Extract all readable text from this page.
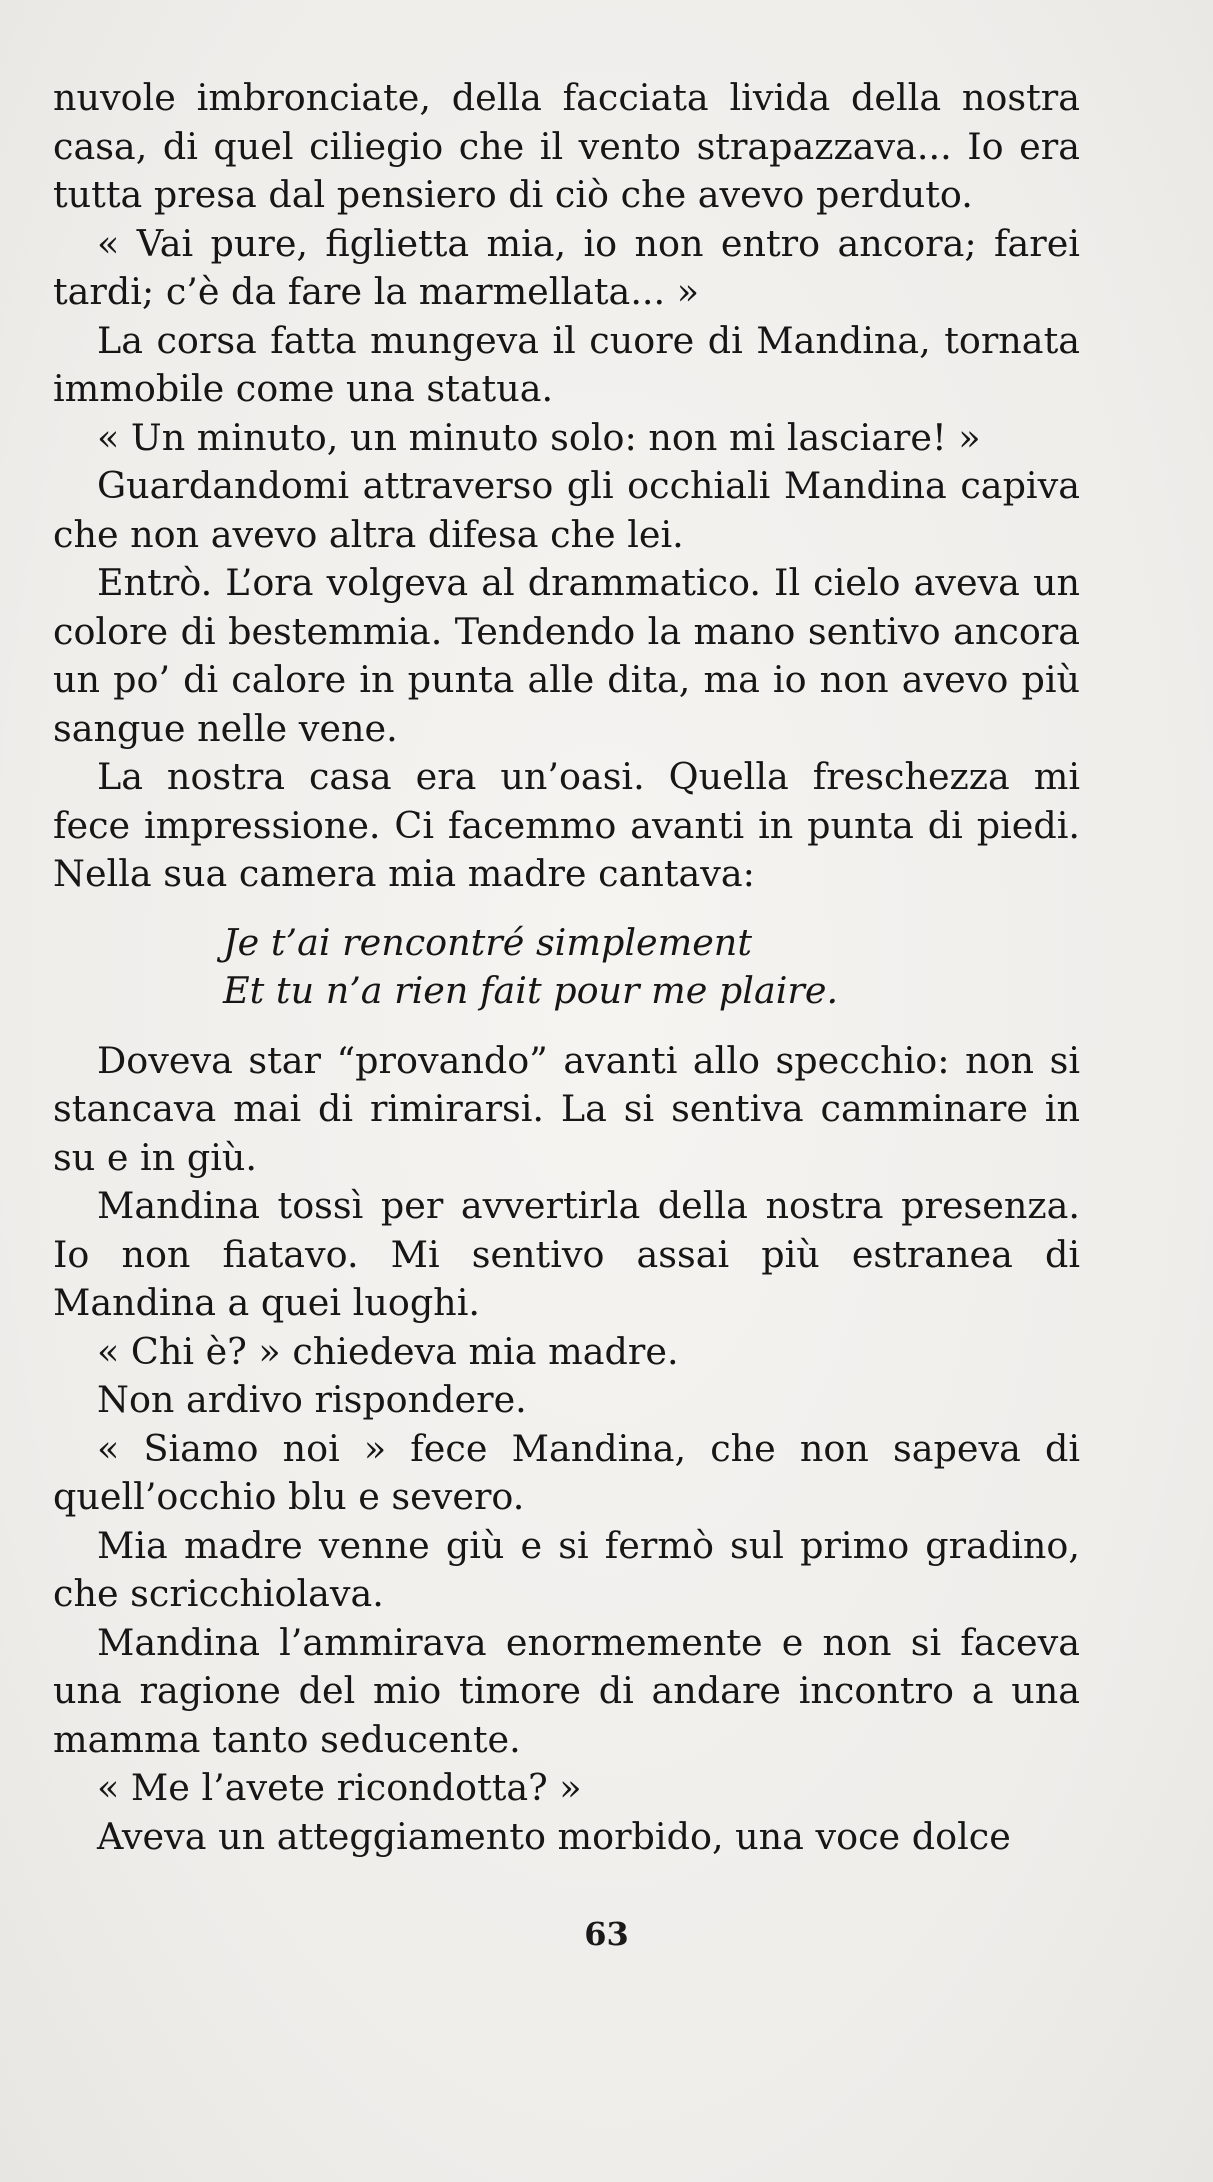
nuvole imbronciate, della facciata livida della nostra casa, di quel ciliegio che il vento strapazzava... Io era tutta presa dal pensiero di ciò che avevo perduto.

« Vai pure, figlietta mia, io non entro ancora; farei tardi; c’è da fare la marmellata... »

La corsa fatta mungeva il cuore di Mandina, tornata immobile come una statua.

« Un minuto, un minuto solo: non mi lasciare! »

Guardandomi attraverso gli occhiali Mandina capiva che non avevo altra difesa che lei.

Entrò. L’ora volgeva al drammatico. Il cielo aveva un colore di bestemmia. Tendendo la mano sentivo ancora un po’ di calore in punta alle dita, ma io non avevo più sangue nelle vene.

La nostra casa era un’oasi. Quella freschezza mi fece impressione. Ci facemmo avanti in punta di piedi. Nella sua camera mia madre cantava:

Je t’ai rencontré simplement
Et tu n’a rien fait pour me plaire.

Doveva star “provando” avanti allo specchio: non si stancava mai di rimirarsi. La si sentiva camminare in su e in giù.

Mandina tossì per avvertirla della nostra presenza. Io non fiatavo. Mi sentivo assai più estranea di Mandina a quei luoghi.

« Chi è? » chiedeva mia madre.

Non ardivo rispondere.

« Siamo noi » fece Mandina, che non sapeva di quell’occhio blu e severo.

Mia madre venne giù e si fermò sul primo gradino, che scricchiolava.

Mandina l’ammirava enormemente e non si faceva una ragione del mio timore di andare incontro a una mamma tanto seducente.

« Me l’avete ricondotta? »

Aveva un atteggiamento morbido, una voce dolce

63
